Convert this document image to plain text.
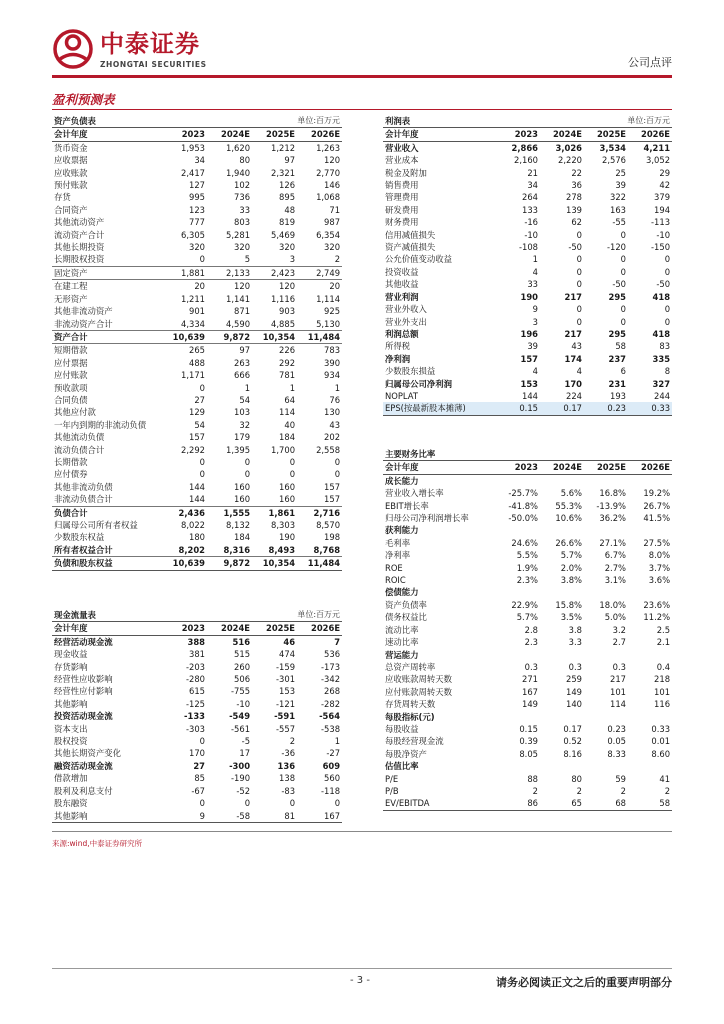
中泰证券
ZHONGTAI SECURITIES	公司点评
盈利预测表
资产负债表			单位:百万元	
会计年度	2023	2024E	2025E	2026E
货币资金	1,953	1,620	1,212	1,263
应收票据	34	80	97	120
应收账款	2,417	1,940	2,321	2,770
预付账款	127	102	126	146
存货	995	736	895	1,068
合同资产	123	33	48	71
其他流动资产	777	803	819	987
流动资产合计	6,305	5,281	5,469	6,354
其他长期投资	320	320	320	320
长期股权投资	0	5	3	2
固定资产	1,881	2,133	2,423	2,749
在建工程	20	120	120	20
无形资产	1,211	1,141	1,116	1,114
其他非流动资产	901	871	903	925
非流动资产合计	4,334	4,590	4,885	5,130
资产合计	10,639	9,872	10,354	11,484
短期借款	265	97	226	783
应付票据	488	263	292	390
应付账款	1,171	666	781	934
预收款项	0	1	1	1
合同负债	27	54	64	76
其他应付款	129	103	114	130
一年内到期的非流动负债	54	32	40	43
其他流动负债	157	179	184	202
流动负债合计	2,292	1,395	1,700	2,558
长期借款	0	0	0	0
应付债券	0	0	0	0
其他非流动负债	144	160	160	157
非流动负债合计	144	160	160	157
负债合计	2,436	1,555	1,861	2,716
归属母公司所有者权益	8,022	8,132	8,303	8,570
少数股东权益	180	184	190	198
所有者权益合计	8,202	8,316	8,493	8,768
负债和股东权益	10,639	9,872	10,354	11,484
现金流量表			单位:百万元	
会计年度	2023	2024E	2025E	2026E
经营活动现金流	388	516	46	7
现金收益	381	515	474	536
存货影响	-203	260	-159	-173
经营性应收影响	-280	506	-301	-342
经营性应付影响	615	-755	153	268
其他影响	-125	-10	-121	-282
投资活动现金流	-133	-549	-591	-564
资本支出	-303	-561	-557	-538
股权投资	0	-5	2	1
其他长期资产变化	170	17	-36	-27
融资活动现金流	27	-300	136	609
借款增加	85	-190	138	560
股利及利息支付	-67	-52	-83	-118
股东融资	0	0	0	0
其他影响	9	-58	81	167
利润表			单位:百万元	
会计年度	2023	2024E	2025E	2026E
营业收入	2,866	3,026	3,534	4,211
营业成本	2,160	2,220	2,576	3,052
税金及附加	21	22	25	29
销售费用	34	36	39	42
管理费用	264	278	322	379
研发费用	133	139	163	194
财务费用	-16	62	-55	-113
信用减值损失	-10	0	0	-10
资产减值损失	-108	-50	-120	-150
公允价值变动收益	1	0	0	0
投资收益	4	0	0	0
其他收益	33	0	-50	-50
营业利润	190	217	295	418
营业外收入	9	0	0	0
营业外支出	3	0	0	0
利润总额	196	217	295	418
所得税	39	43	58	83
净利润	157	174	237	335
少数股东损益	4	4	6	8
归属母公司净利润	153	170	231	327
NOPLAT	144	224	193	244
EPS(按最新股本摊薄)	0.15	0.17	0.23	0.33
主要财务比率				
会计年度	2023	2024E	2025E	2026E
成长能力				
营业收入增长率	-25.7%	5.6%	16.8%	19.2%
EBIT增长率	-41.8%	55.3%	-13.9%	26.7%
归母公司净利润增长率	-50.0%	10.6%	36.2%	41.5%
获利能力				
毛利率	24.6%	26.6%	27.1%	27.5%
净利率	5.5%	5.7%	6.7%	8.0%
ROE	1.9%	2.0%	2.7%	3.7%
ROIC	2.3%	3.8%	3.1%	3.6%
偿债能力				
资产负债率	22.9%	15.8%	18.0%	23.6%
债务权益比	5.7%	3.5%	5.0%	11.2%
流动比率	2.8	3.8	3.2	2.5
速动比率	2.3	3.3	2.7	2.1
营运能力				
总资产周转率	0.3	0.3	0.3	0.4
应收账款周转天数	271	259	217	218
应付账款周转天数	167	149	101	101
存货周转天数	149	140	114	116
每股指标(元)				
每股收益	0.15	0.17	0.23	0.33
每股经营现金流	0.39	0.52	0.05	0.01
每股净资产	8.05	8.16	8.33	8.60
估值比率				
P/E	88	80	59	41
P/B	2	2	2	2
EV/EBITDA	86	65	68	58
来源:wind,中泰证券研究所
- 3 -	请务必阅读正文之后的重要声明部分
